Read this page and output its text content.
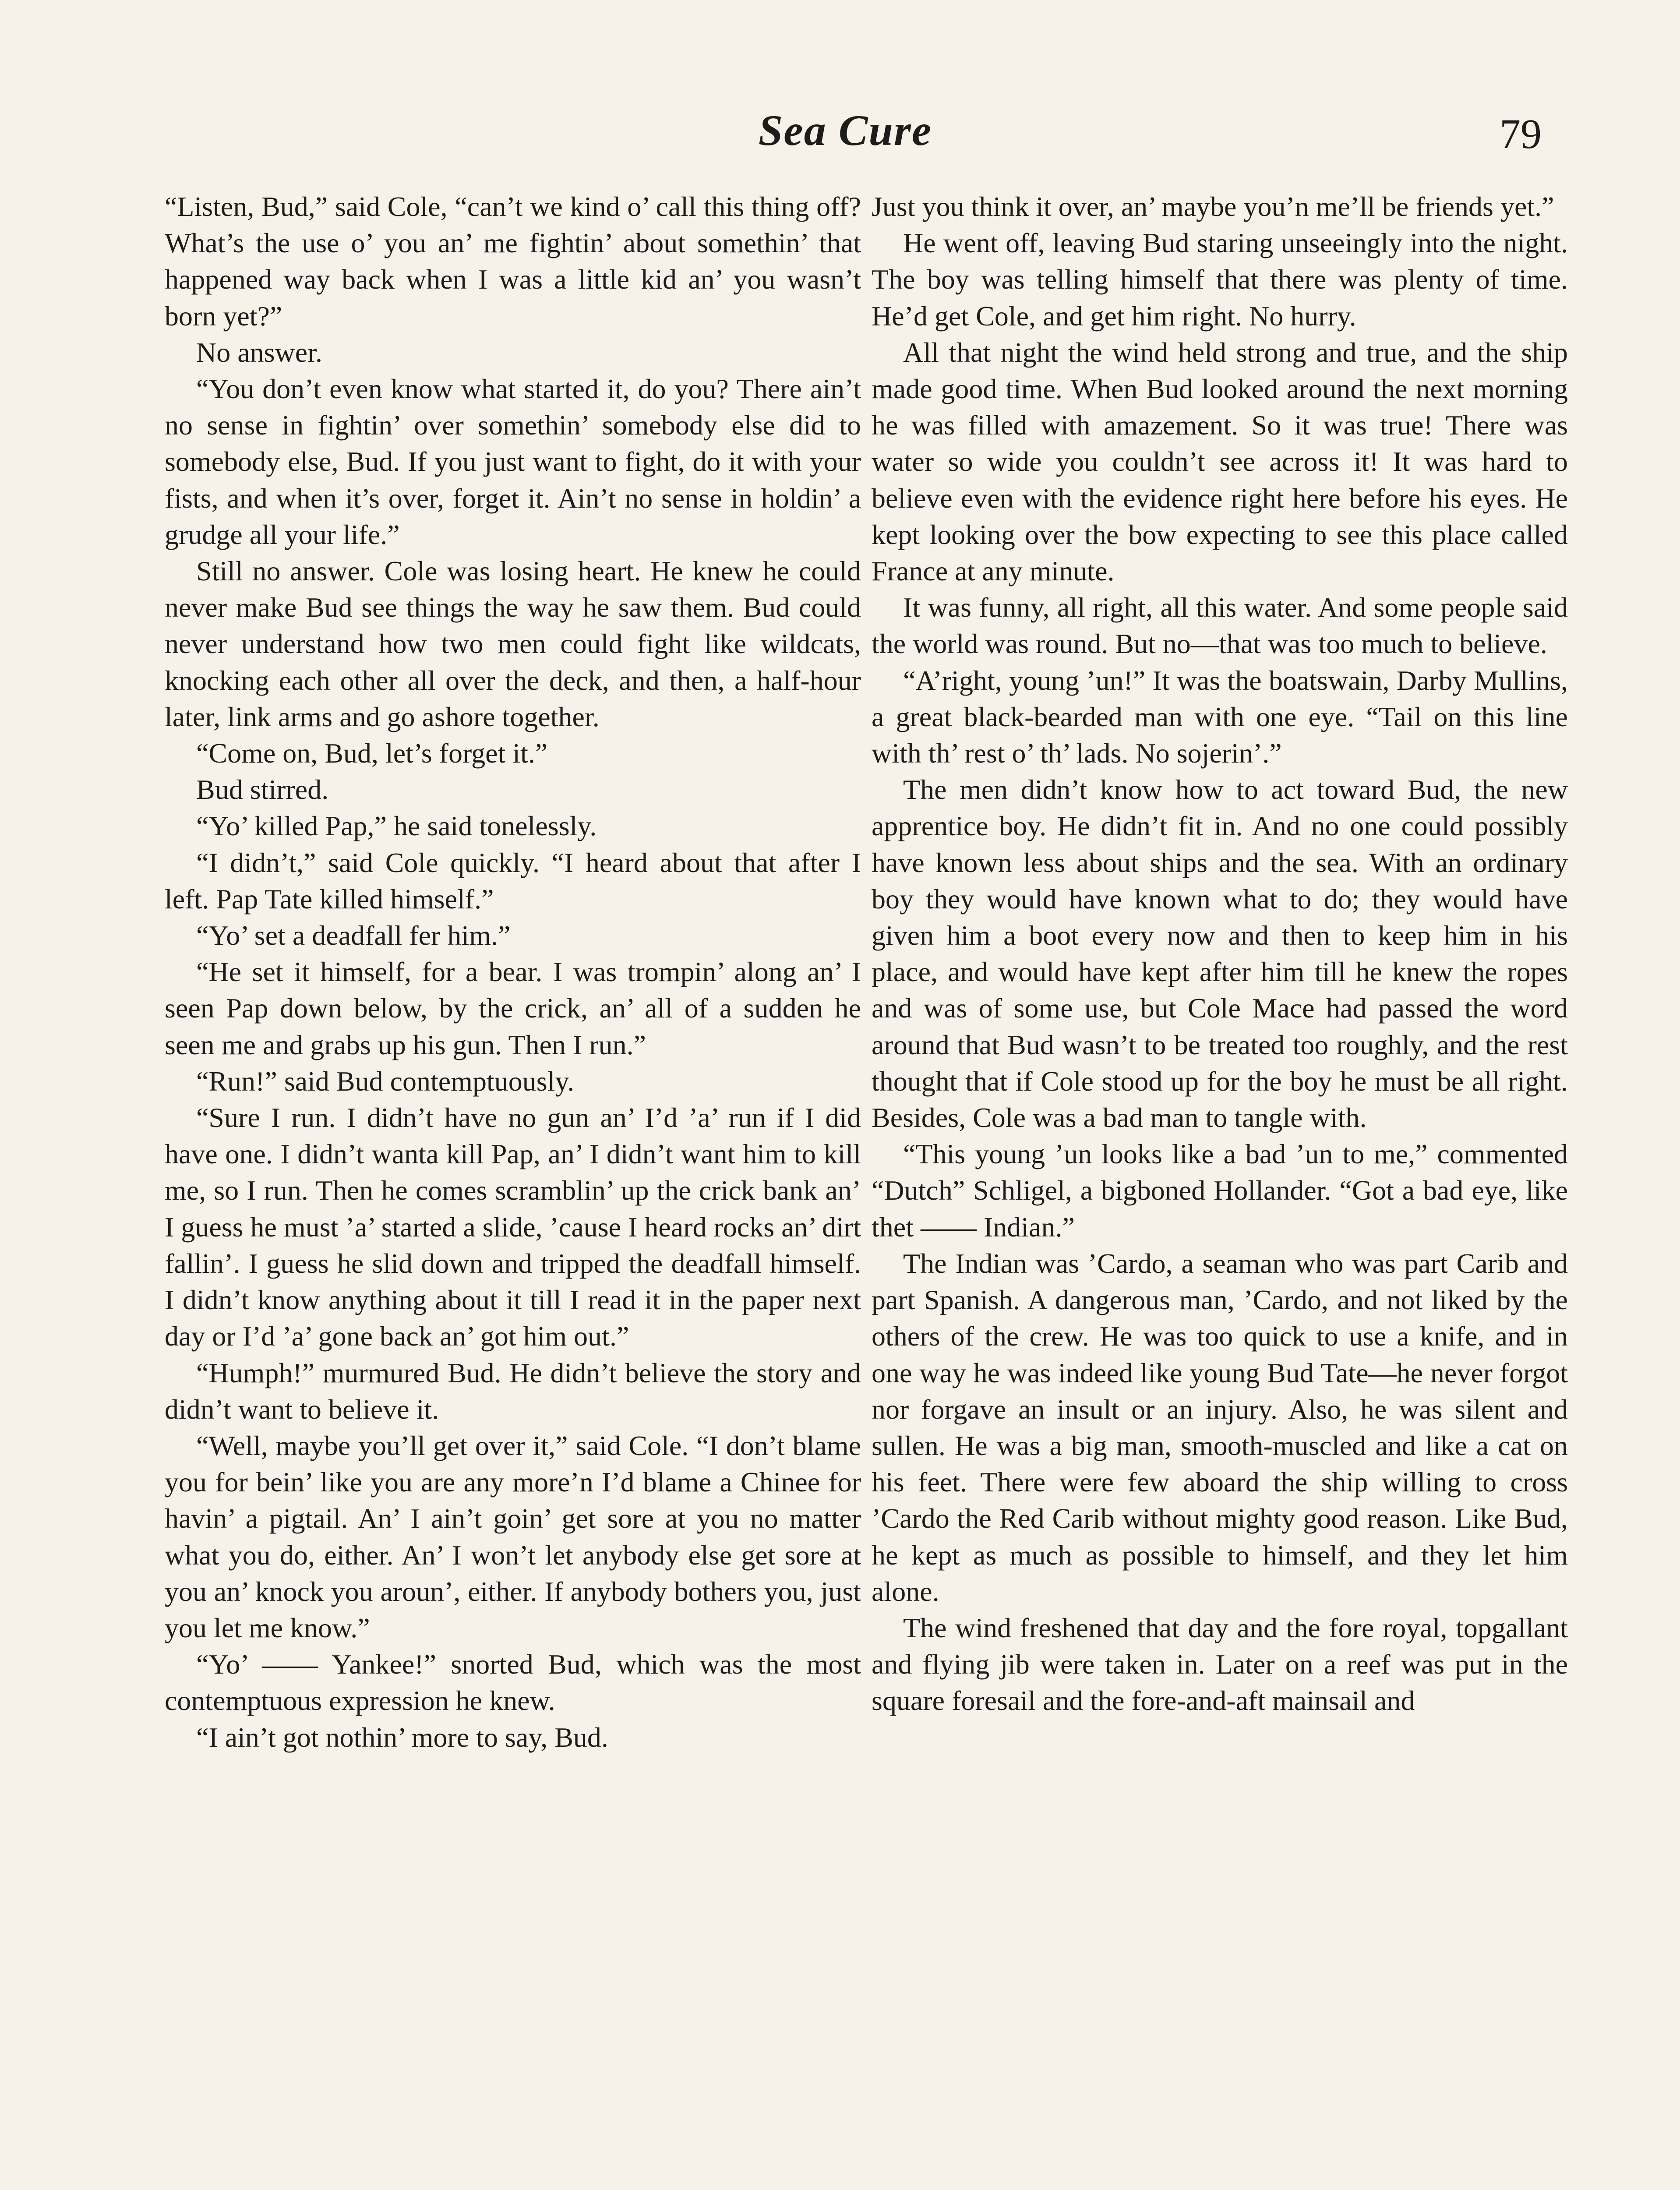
Sea Cure	79

“Listen, Bud,” said Cole, “can’t we kind o’ call this thing off? What’s the use o’ you an’ me fightin’ about somethin’ that happened way back when I was a little kid an’ you wasn’t born yet?”

No answer.

“You don’t even know what started it, do you? There ain’t no sense in fightin’ over somethin’ somebody else did to somebody else, Bud. If you just want to fight, do it with your fists, and when it’s over, forget it. Ain’t no sense in holdin’ a grudge all your life.”

Still no answer. Cole was losing heart. He knew he could never make Bud see things the way he saw them. Bud could never understand how two men could fight like wildcats, knocking each other all over the deck, and then, a half-hour later, link arms and go ashore together.

“Come on, Bud, let’s forget it.”

Bud stirred.

“Yo’ killed Pap,” he said tonelessly.

“I didn’t,” said Cole quickly. “I heard about that after I left. Pap Tate killed himself.”

“Yo’ set a deadfall fer him.”

“He set it himself, for a bear. I was trompin’ along an’ I seen Pap down below, by the crick, an’ all of a sudden he seen me and grabs up his gun. Then I run.”

“Run!” said Bud contemptuously.

“Sure I run. I didn’t have no gun an’ I’d ’a’ run if I did have one. I didn’t wanta kill Pap, an’ I didn’t want him to kill me, so I run. Then he comes scramblin’ up the crick bank an’ I guess he must ’a’ started a slide, ’cause I heard rocks an’ dirt fallin’. I guess he slid down and tripped the deadfall himself. I didn’t know anything about it till I read it in the paper next day or I’d ’a’ gone back an’ got him out.”

“Humph!” murmured Bud. He didn’t believe the story and didn’t want to believe it.

“Well, maybe you’ll get over it,” said Cole. “I don’t blame you for bein’ like you are any more’n I’d blame a Chinee for havin’ a pigtail. An’ I ain’t goin’ get sore at you no matter what you do, either. An’ I won’t let anybody else get sore at you an’ knock you aroun’, either. If anybody bothers you, just you let me know.”

“Yo’ —— Yankee!” snorted Bud, which was the most contemptuous expression he knew.

“I ain’t got nothin’ more to say, Bud.

Just you think it over, an’ maybe you’n me’ll be friends yet.”

He went off, leaving Bud staring unseeingly into the night. The boy was telling himself that there was plenty of time. He’d get Cole, and get him right. No hurry.

All that night the wind held strong and true, and the ship made good time. When Bud looked around the next morning he was filled with amazement. So it was true! There was water so wide you couldn’t see across it! It was hard to believe even with the evidence right here before his eyes. He kept looking over the bow expecting to see this place called France at any minute.

It was funny, all right, all this water. And some people said the world was round. But no—that was too much to believe.

“A’right, young ’un!” It was the boatswain, Darby Mullins, a great black-bearded man with one eye. “Tail on this line with th’ rest o’ th’ lads. No sojerin’.”

The men didn’t know how to act toward Bud, the new apprentice boy. He didn’t fit in. And no one could possibly have known less about ships and the sea. With an ordinary boy they would have known what to do; they would have given him a boot every now and then to keep him in his place, and would have kept after him till he knew the ropes and was of some use, but Cole Mace had passed the word around that Bud wasn’t to be treated too roughly, and the rest thought that if Cole stood up for the boy he must be all right. Besides, Cole was a bad man to tangle with.

“This young ’un looks like a bad ’un to me,” commented “Dutch” Schligel, a bigboned Hollander. “Got a bad eye, like thet —— Indian.”

The Indian was ’Cardo, a seaman who was part Carib and part Spanish. A dangerous man, ’Cardo, and not liked by the others of the crew. He was too quick to use a knife, and in one way he was indeed like young Bud Tate—he never forgot nor forgave an insult or an injury. Also, he was silent and sullen. He was a big man, smooth-muscled and like a cat on his feet. There were few aboard the ship willing to cross ’Cardo the Red Carib without mighty good reason. Like Bud, he kept as much as possible to himself, and they let him alone.

The wind freshened that day and the fore royal, topgallant and flying jib were taken in. Later on a reef was put in the square foresail and the fore-and-aft mainsail and
